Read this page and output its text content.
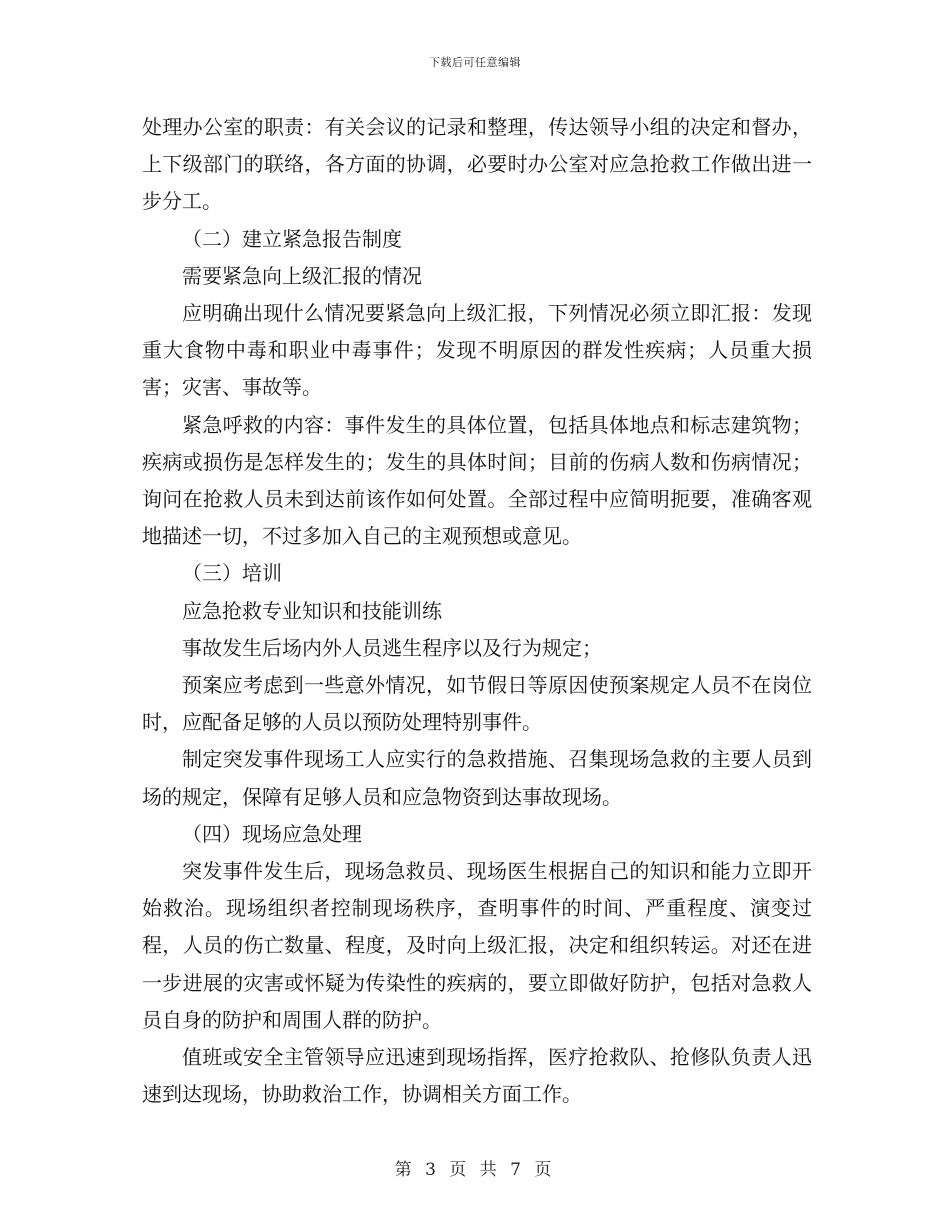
下载后可任意编辑

处理办公室的职责：有关会议的记录和整理，传达领导小组的决定和督办，上下级部门的联络，各方面的协调，必要时办公室对应急抢救工作做出进一步分工。

（二）建立紧急报告制度

需要紧急向上级汇报的情况

应明确出现什么情况要紧急向上级汇报，下列情况必须立即汇报：发现重大食物中毒和职业中毒事件；发现不明原因的群发性疾病；人员重大损害；灾害、事故等。

紧急呼救的内容：事件发生的具体位置，包括具体地点和标志建筑物；疾病或损伤是怎样发生的；发生的具体时间；目前的伤病人数和伤病情况；询问在抢救人员未到达前该作如何处置。全部过程中应简明扼要，准确客观地描述一切，不过多加入自己的主观预想或意见。

（三）培训

应急抢救专业知识和技能训练

事故发生后场内外人员逃生程序以及行为规定；

预案应考虑到一些意外情况，如节假日等原因使预案规定人员不在岗位时，应配备足够的人员以预防处理特别事件。

制定突发事件现场工人应实行的急救措施、召集现场急救的主要人员到场的规定，保障有足够人员和应急物资到达事故现场。

（四）现场应急处理

突发事件发生后，现场急救员、现场医生根据自己的知识和能力立即开始救治。现场组织者控制现场秩序，查明事件的时间、严重程度、演变过程，人员的伤亡数量、程度，及时向上级汇报，决定和组织转运。对还在进一步进展的灾害或怀疑为传染性的疾病的，要立即做好防护，包括对急救人员自身的防护和周围人群的防护。

值班或安全主管领导应迅速到现场指挥，医疗抢救队、抢修队负责人迅速到达现场，协助救治工作，协调相关方面工作。

第 3 页 共 7 页
